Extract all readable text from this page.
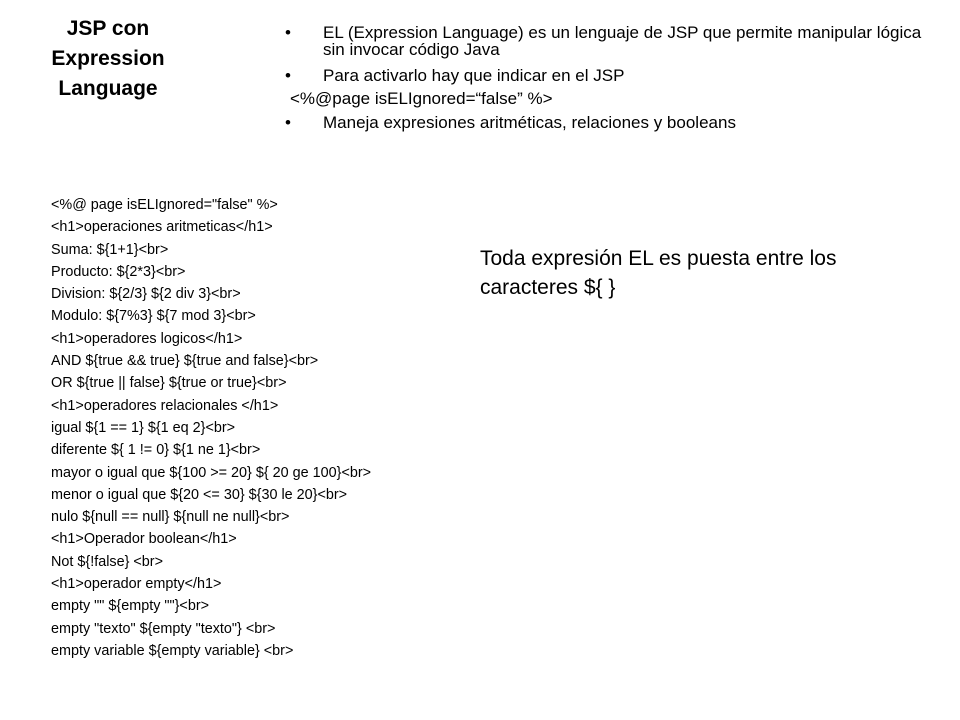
JSP con
Expression
Language
• EL (Expression Language) es un lenguaje de JSP que permite manipular lógica sin invocar código Java
• Para activarlo hay que indicar en el JSP
<%@page isELIgnored=“false” %>
• Maneja expresiones aritméticas, relaciones y booleans
<%@ page isELIgnored="false" %>
<h1>operaciones aritmeticas</h1>
Suma: ${1+1}<br>
Producto: ${2*3}<br>
Division: ${2/3} ${2 div 3}<br>
Modulo: ${7%3} ${7 mod 3}<br>
<h1>operadores logicos</h1>
AND ${true && true} ${true and false}<br>
OR ${true || false} ${true or true}<br>
<h1>operadores relacionales </h1>
igual ${1 == 1} ${1 eq 2}<br>
diferente ${ 1 != 0} ${1 ne 1}<br>
mayor o igual que ${100 >= 20} ${ 20 ge 100}<br>
menor o igual que ${20 <= 30} ${30 le 20}<br>
nulo ${null == null} ${null ne null}<br>
<h1>Operador boolean</h1>
Not ${!false} <br>
<h1>operador empty</h1>
empty "" ${empty ""}<br>
empty "texto" ${empty "texto"} <br>
empty variable ${empty variable} <br>
Toda expresión EL es puesta entre los caracteres ${ }
